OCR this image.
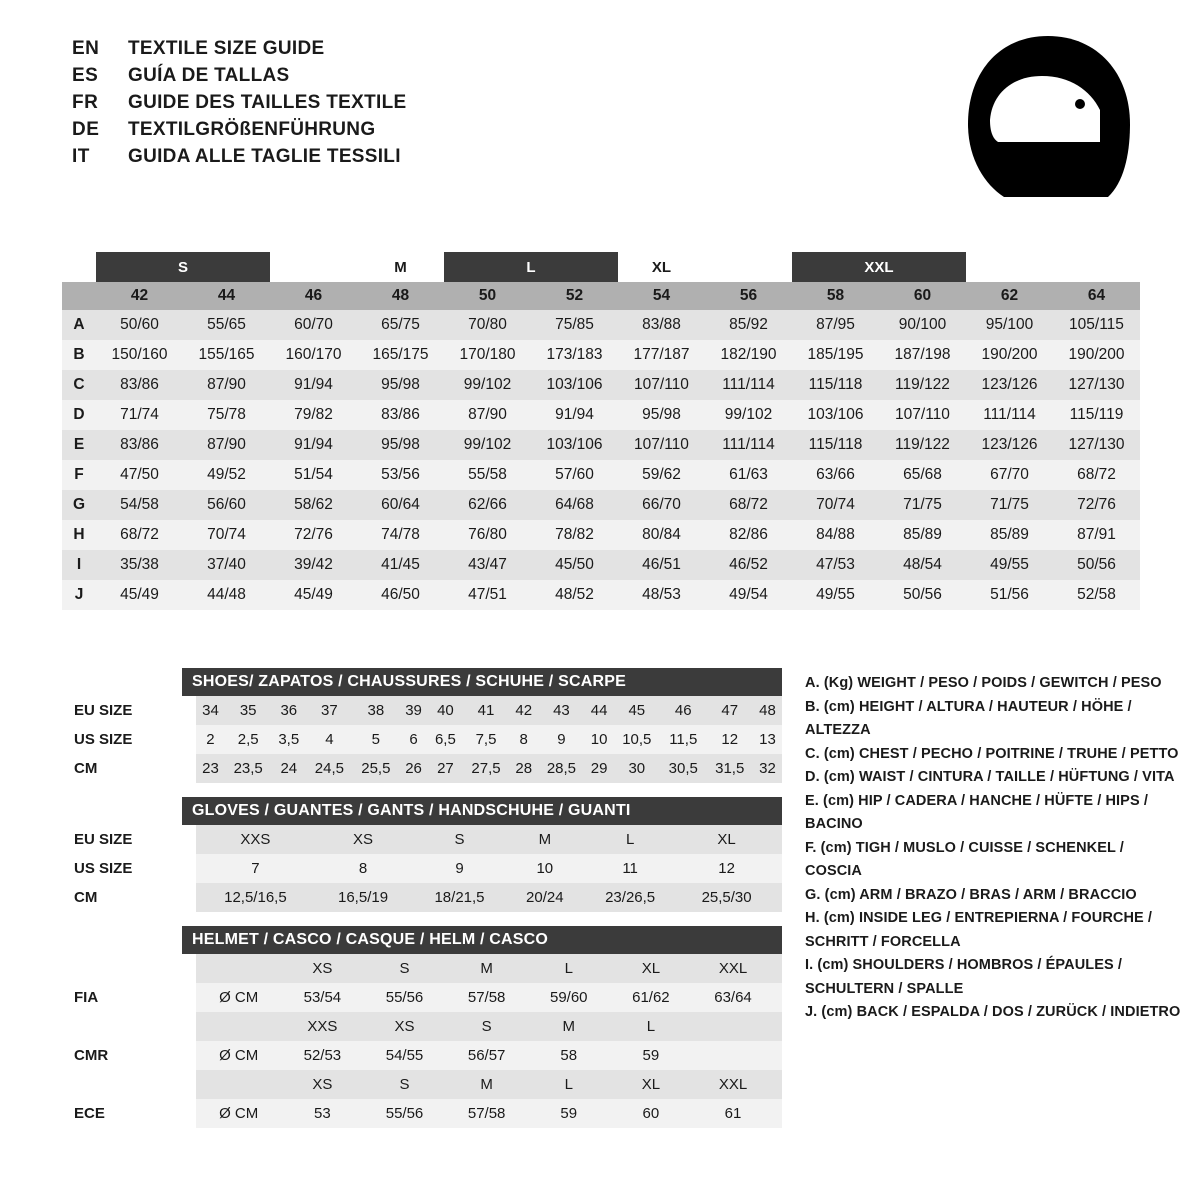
EN	TEXTILE SIZE GUIDE
ES	GUÍA DE TALLAS
FR	GUIDE DES TAILLES TEXTILE
DE	TEXTILGRÖßENFÜHRUNG
IT	GUIDA ALLE TAGLIE TESSILI
	S			M	L		XL		XXL			
	42	44	46	48	50	52	54	56	58	60	62	64
A	50/60	55/65	60/70	65/75	70/80	75/85	83/88	85/92	87/95	90/100	95/100	105/115
B	150/160	155/165	160/170	165/175	170/180	173/183	177/187	182/190	185/195	187/198	190/200	190/200
C	83/86	87/90	91/94	95/98	99/102	103/106	107/110	111/114	115/118	119/122	123/126	127/130
D	71/74	75/78	79/82	83/86	87/90	91/94	95/98	99/102	103/106	107/110	111/114	115/119
E	83/86	87/90	91/94	95/98	99/102	103/106	107/110	111/114	115/118	119/122	123/126	127/130
F	47/50	49/52	51/54	53/56	55/58	57/60	59/62	61/63	63/66	65/68	67/70	68/72
G	54/58	56/60	58/62	60/64	62/66	64/68	66/70	68/72	70/74	71/75	71/75	72/76
H	68/72	70/74	72/76	74/78	76/80	78/82	80/84	82/86	84/88	85/89	85/89	87/91
I	35/38	37/40	39/42	41/45	43/47	45/50	46/51	46/52	47/53	48/54	49/55	50/56
J	45/49	44/48	45/49	46/50	47/51	48/52	48/53	49/54	49/55	50/56	51/56	52/58
SHOES/ ZAPATOS / CHAUSSURES / SCHUHE / SCARPE
EU SIZE	34	35	36	37	38	39	40	41	42	43	44	45	46	47	48
US SIZE	2	2,5	3,5	4	5	6	6,5	7,5	8	9	10	10,5	11,5	12	13
CM	23	23,5	24	24,5	25,5	26	27	27,5	28	28,5	29	30	30,5	31,5	32
GLOVES / GUANTES / GANTS / HANDSCHUHE / GUANTI
EU SIZE	XXS	XS	S	M	L	XL	
US SIZE	7	8	9	10	11	12	
CM	12,5/16,5	16,5/19	18/21,5	20/24	23/26,5	25,5/30	
HELMET / CASCO / CASQUE / HELM / CASCO
		XS	S	M	L	XL	XXL	
FIA	Ø CM	53/54	55/56	57/58	59/60	61/62	63/64	
		XXS	XS	S	M	L		
CMR	Ø CM	52/53	54/55	56/57	58	59		
		XS	S	M	L	XL	XXL	
ECE	Ø CM	53	55/56	57/58	59	60	61	
A. (Kg) WEIGHT / PESO / POIDS / GEWITCH / PESO
B. (cm) HEIGHT / ALTURA / HAUTEUR / HÖHE / ALTEZZA
C. (cm) CHEST / PECHO / POITRINE / TRUHE / PETTO
D. (cm) WAIST / CINTURA / TAILLE / HÜFTUNG / VITA
E. (cm) HIP / CADERA / HANCHE / HÜFTE / HIPS / BACINO
F. (cm) TIGH / MUSLO / CUISSE / SCHENKEL / COSCIA
G. (cm) ARM / BRAZO / BRAS / ARM / BRACCIO
H. (cm) INSIDE LEG / ENTREPIERNA / FOURCHE / SCHRITT / FORCELLA
I. (cm) SHOULDERS / HOMBROS / ÉPAULES / SCHULTERN / SPALLE
J. (cm) BACK / ESPALDA / DOS / ZURÜCK / INDIETRO
